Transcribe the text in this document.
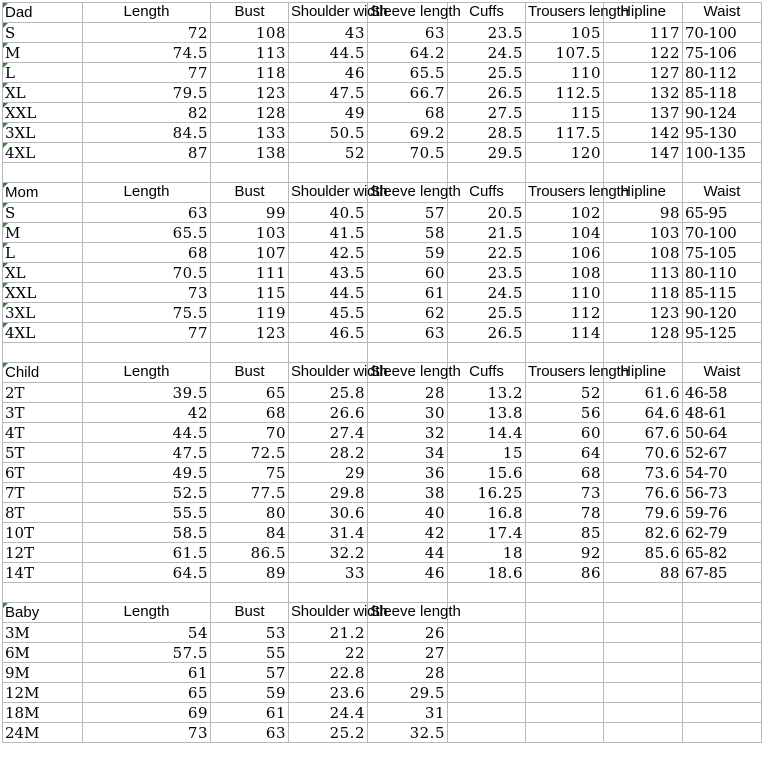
Dad	Length	Bust	Shoulder width	Sleeve length	Cuffs	Trousers length	Hipline	Waist
S	72	108	43	63	23.5	105	117	70-100
M	74.5	113	44.5	64.2	24.5	107.5	122	75-106
L	77	118	46	65.5	25.5	110	127	80-112
XL	79.5	123	47.5	66.7	26.5	112.5	132	85-118
XXL	82	128	49	68	27.5	115	137	90-124
3XL	84.5	133	50.5	69.2	28.5	117.5	142	95-130
4XL	87	138	52	70.5	29.5	120	147	100-135

Mom	Length	Bust	Shoulder width	Sleeve length	Cuffs	Trousers length	Hipline	Waist
S	63	99	40.5	57	20.5	102	98	65-95
M	65.5	103	41.5	58	21.5	104	103	70-100
L	68	107	42.5	59	22.5	106	108	75-105
XL	70.5	111	43.5	60	23.5	108	113	80-110
XXL	73	115	44.5	61	24.5	110	118	85-115
3XL	75.5	119	45.5	62	25.5	112	123	90-120
4XL	77	123	46.5	63	26.5	114	128	95-125

Child	Length	Bust	Shoulder width	Sleeve length	Cuffs	Trousers length	Hipline	Waist
2T	39.5	65	25.8	28	13.2	52	61.6	46-58
3T	42	68	26.6	30	13.8	56	64.6	48-61
4T	44.5	70	27.4	32	14.4	60	67.6	50-64
5T	47.5	72.5	28.2	34	15	64	70.6	52-67
6T	49.5	75	29	36	15.6	68	73.6	54-70
7T	52.5	77.5	29.8	38	16.25	73	76.6	56-73
8T	55.5	80	30.6	40	16.8	78	79.6	59-76
10T	58.5	84	31.4	42	17.4	85	82.6	62-79
12T	61.5	86.5	32.2	44	18	92	85.6	65-82
14T	64.5	89	33	46	18.6	86	88	67-85

Baby	Length	Bust	Shoulder width	Sleeve length				
3M	54	53	21.2	26				
6M	57.5	55	22	27				
9M	61	57	22.8	28				
12M	65	59	23.6	29.5				
18M	69	61	24.4	31				
24M	73	63	25.2	32.5				
